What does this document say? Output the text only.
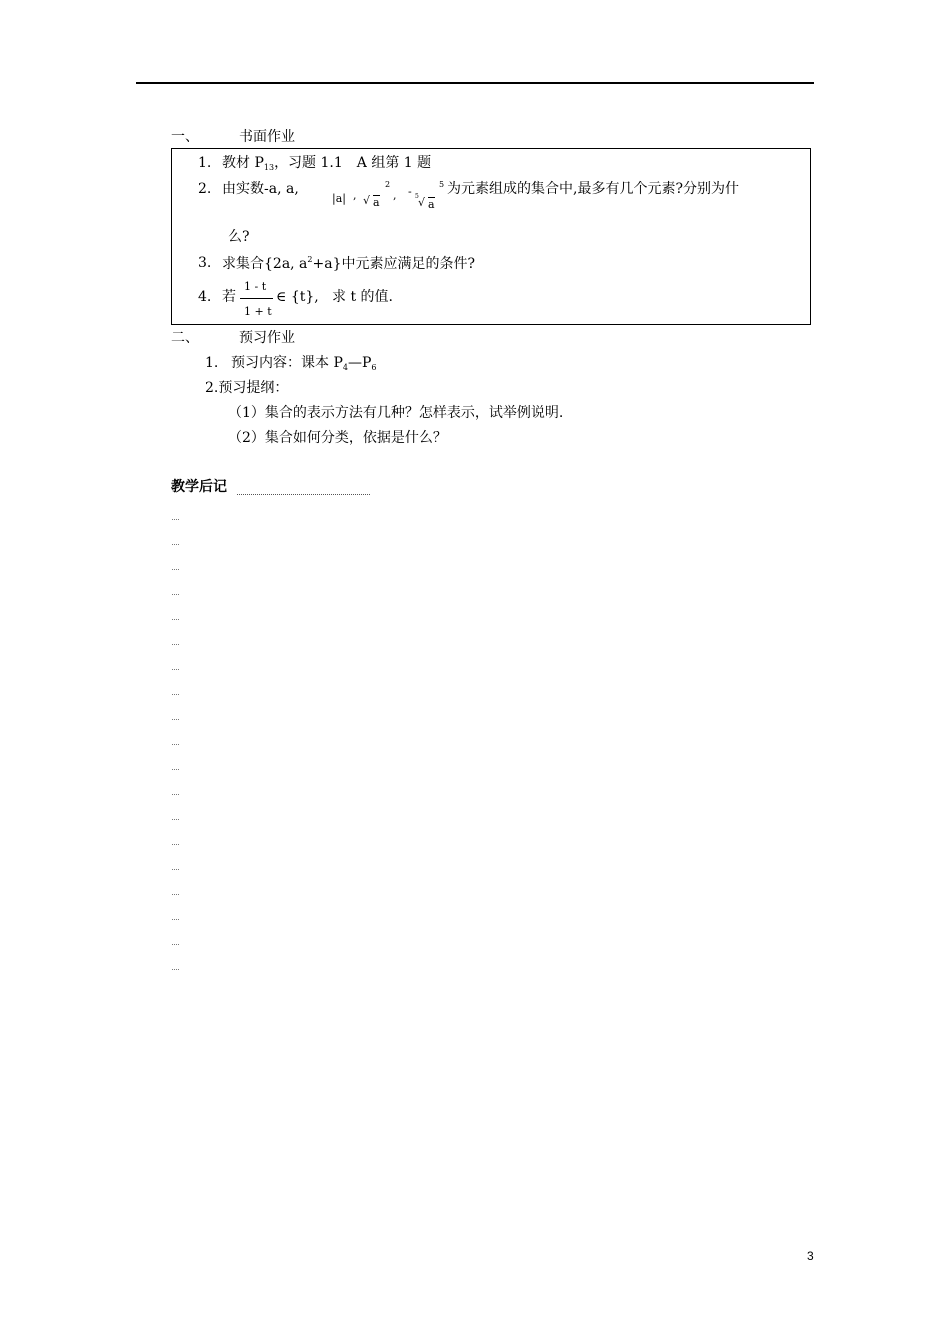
一、	书面作业
1. 教材 $P_{13}$，习题 1.1　A 组第 1 题
2. 由实数-a, a,
|a| , √ a
2
, - 5 √ a
5 为元素组成的集合中,最多有几个元素?分别为什
么?
3. 求集合{2a, $a^2+a$}中元素应满足的条件?
4. 若
1 - t
1 + t
∈ {t}, 求 t 的值.
二、	预习作业
1. 预习内容：课本 $P_4—P_6$
2.预习提纲：
（1）集合的表示方法有几种？怎样表示，试举例说明.
（2）集合如何分类，依据是什么？
教学后记
3
